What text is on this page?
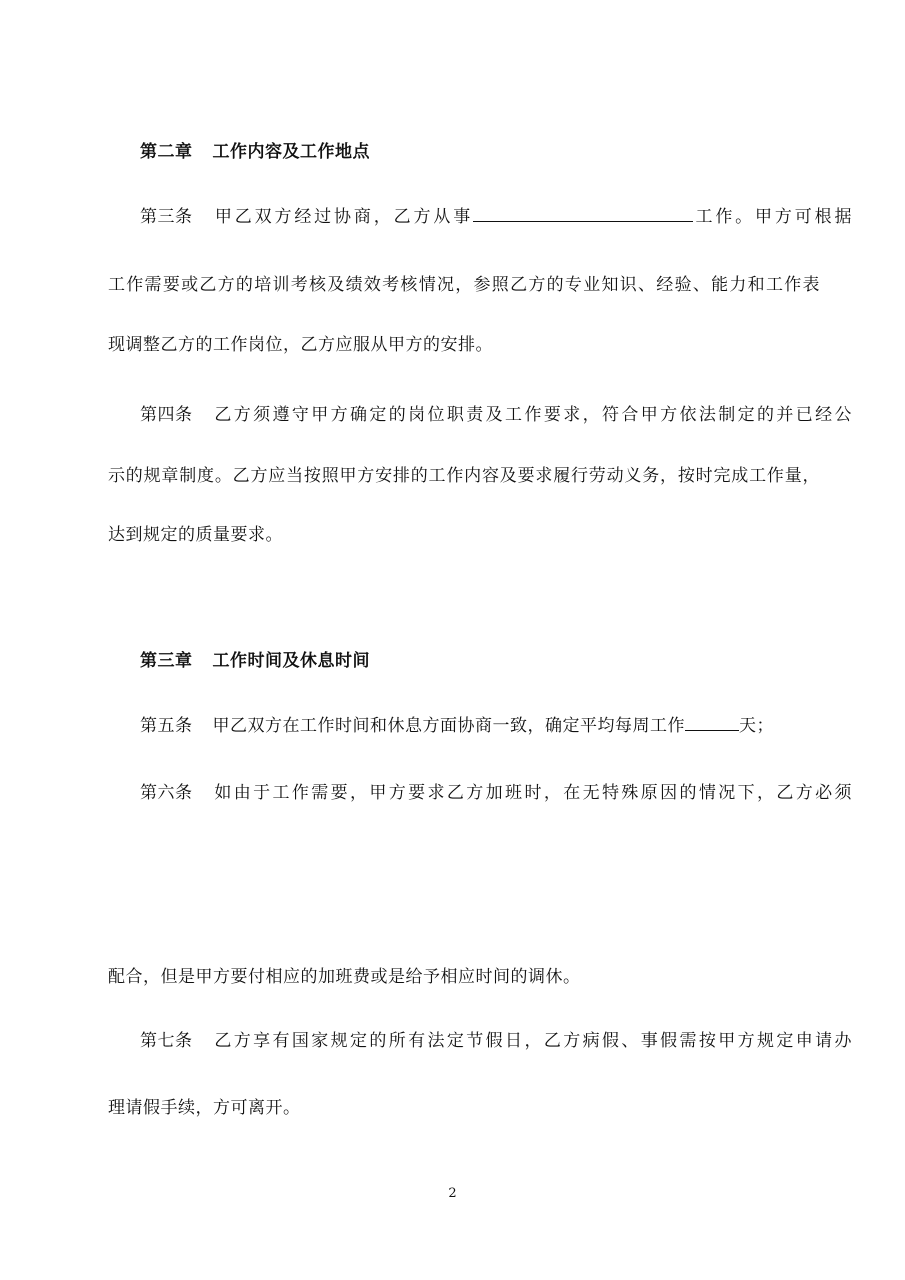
第二章 工作内容及工作地点
第三条 甲乙双方经过协商，乙方从事	工作。甲方可根据
工作需要或乙方的培训考核及绩效考核情况，参照乙方的专业知识、经验、能力和工作表
现调整乙方的工作岗位，乙方应服从甲方的安排。
第四条 乙方须遵守甲方确定的岗位职责及工作要求，符合甲方依法制定的并已经公
示的规章制度。乙方应当按照甲方安排的工作内容及要求履行劳动义务，按时完成工作量，
达到规定的质量要求。
第三章 工作时间及休息时间
第五条 甲乙双方在工作时间和休息方面协商一致，确定平均每周工作	天；
第六条 如由于工作需要，甲方要求乙方加班时，在无特殊原因的情况下，乙方必须
配合，但是甲方要付相应的加班费或是给予相应时间的调休。
第七条 乙方享有国家规定的所有法定节假日，乙方病假、事假需按甲方规定申请办
理请假手续，方可离开。
2
